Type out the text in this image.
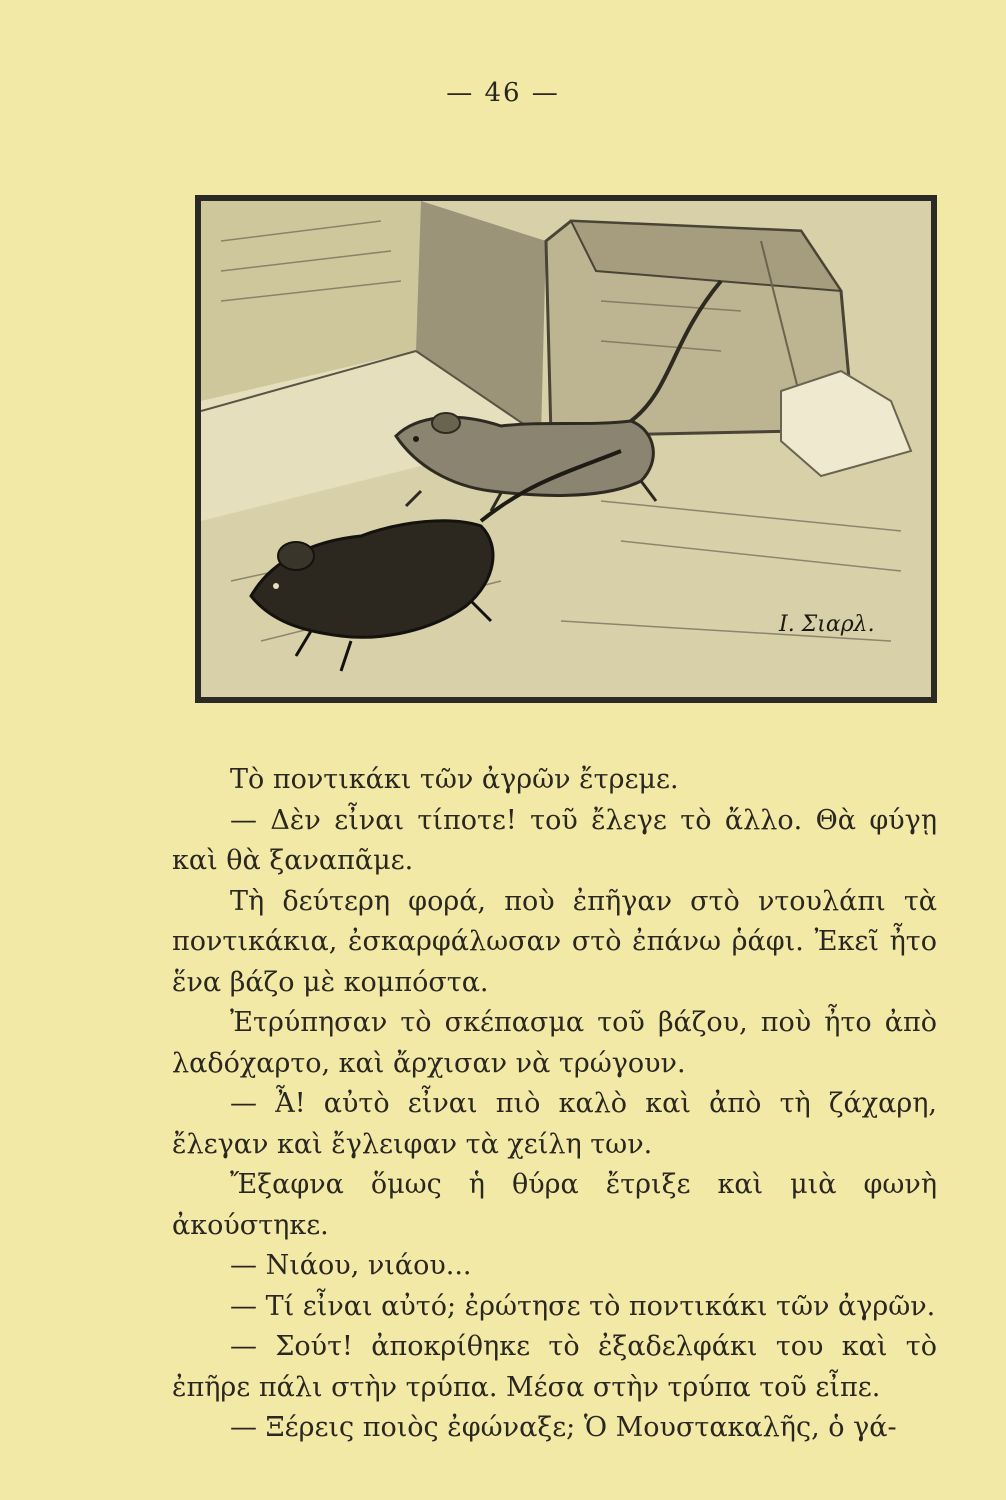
— 46 —
Ι. Σιαρλ.

Τὸ ποντικάκι τῶν ἀγρῶν ἔτρεμε.

— Δὲν εἶναι τίποτε! τοῦ ἔλεγε τὸ ἄλλο. Θὰ φύγῃ καὶ θὰ ξαναπᾶμε.

Τὴ δεύτερη φορά, ποὺ ἐπῆγαν στὸ ντουλάπι τὰ ποντικάκια, ἐσκαρφάλωσαν στὸ ἐπάνω ῥάφι. Ἐκεῖ ἦτο ἕνα βάζο μὲ κομπόστα.

Ἐτρύπησαν τὸ σκέπασμα τοῦ βάζου, ποὺ ἦτο ἀπὸ λαδόχαρτο, καὶ ἄρχισαν νὰ τρώγουν.

— Ἆ! αὐτὸ εἶναι πιὸ καλὸ καὶ ἀπὸ τὴ ζάχαρη, ἔλεγαν καὶ ἔγλειφαν τὰ χείλη των.

Ἔξαφνα ὅμως ἡ θύρα ἔτριξε καὶ μιὰ φωνὴ ἀκούστηκε.

— Νιάου, νιάου...

— Τί εἶναι αὐτό; ἐρώτησε τὸ ποντικάκι τῶν ἀγρῶν.

— Σούτ! ἀποκρίθηκε τὸ ἐξαδελφάκι του καὶ τὸ ἐπῆρε πάλι στὴν τρύπα. Μέσα στὴν τρύπα τοῦ εἶπε.

— Ξέρεις ποιὸς ἐφώναξε; Ὁ Μουστακαλῆς, ὁ γά-
